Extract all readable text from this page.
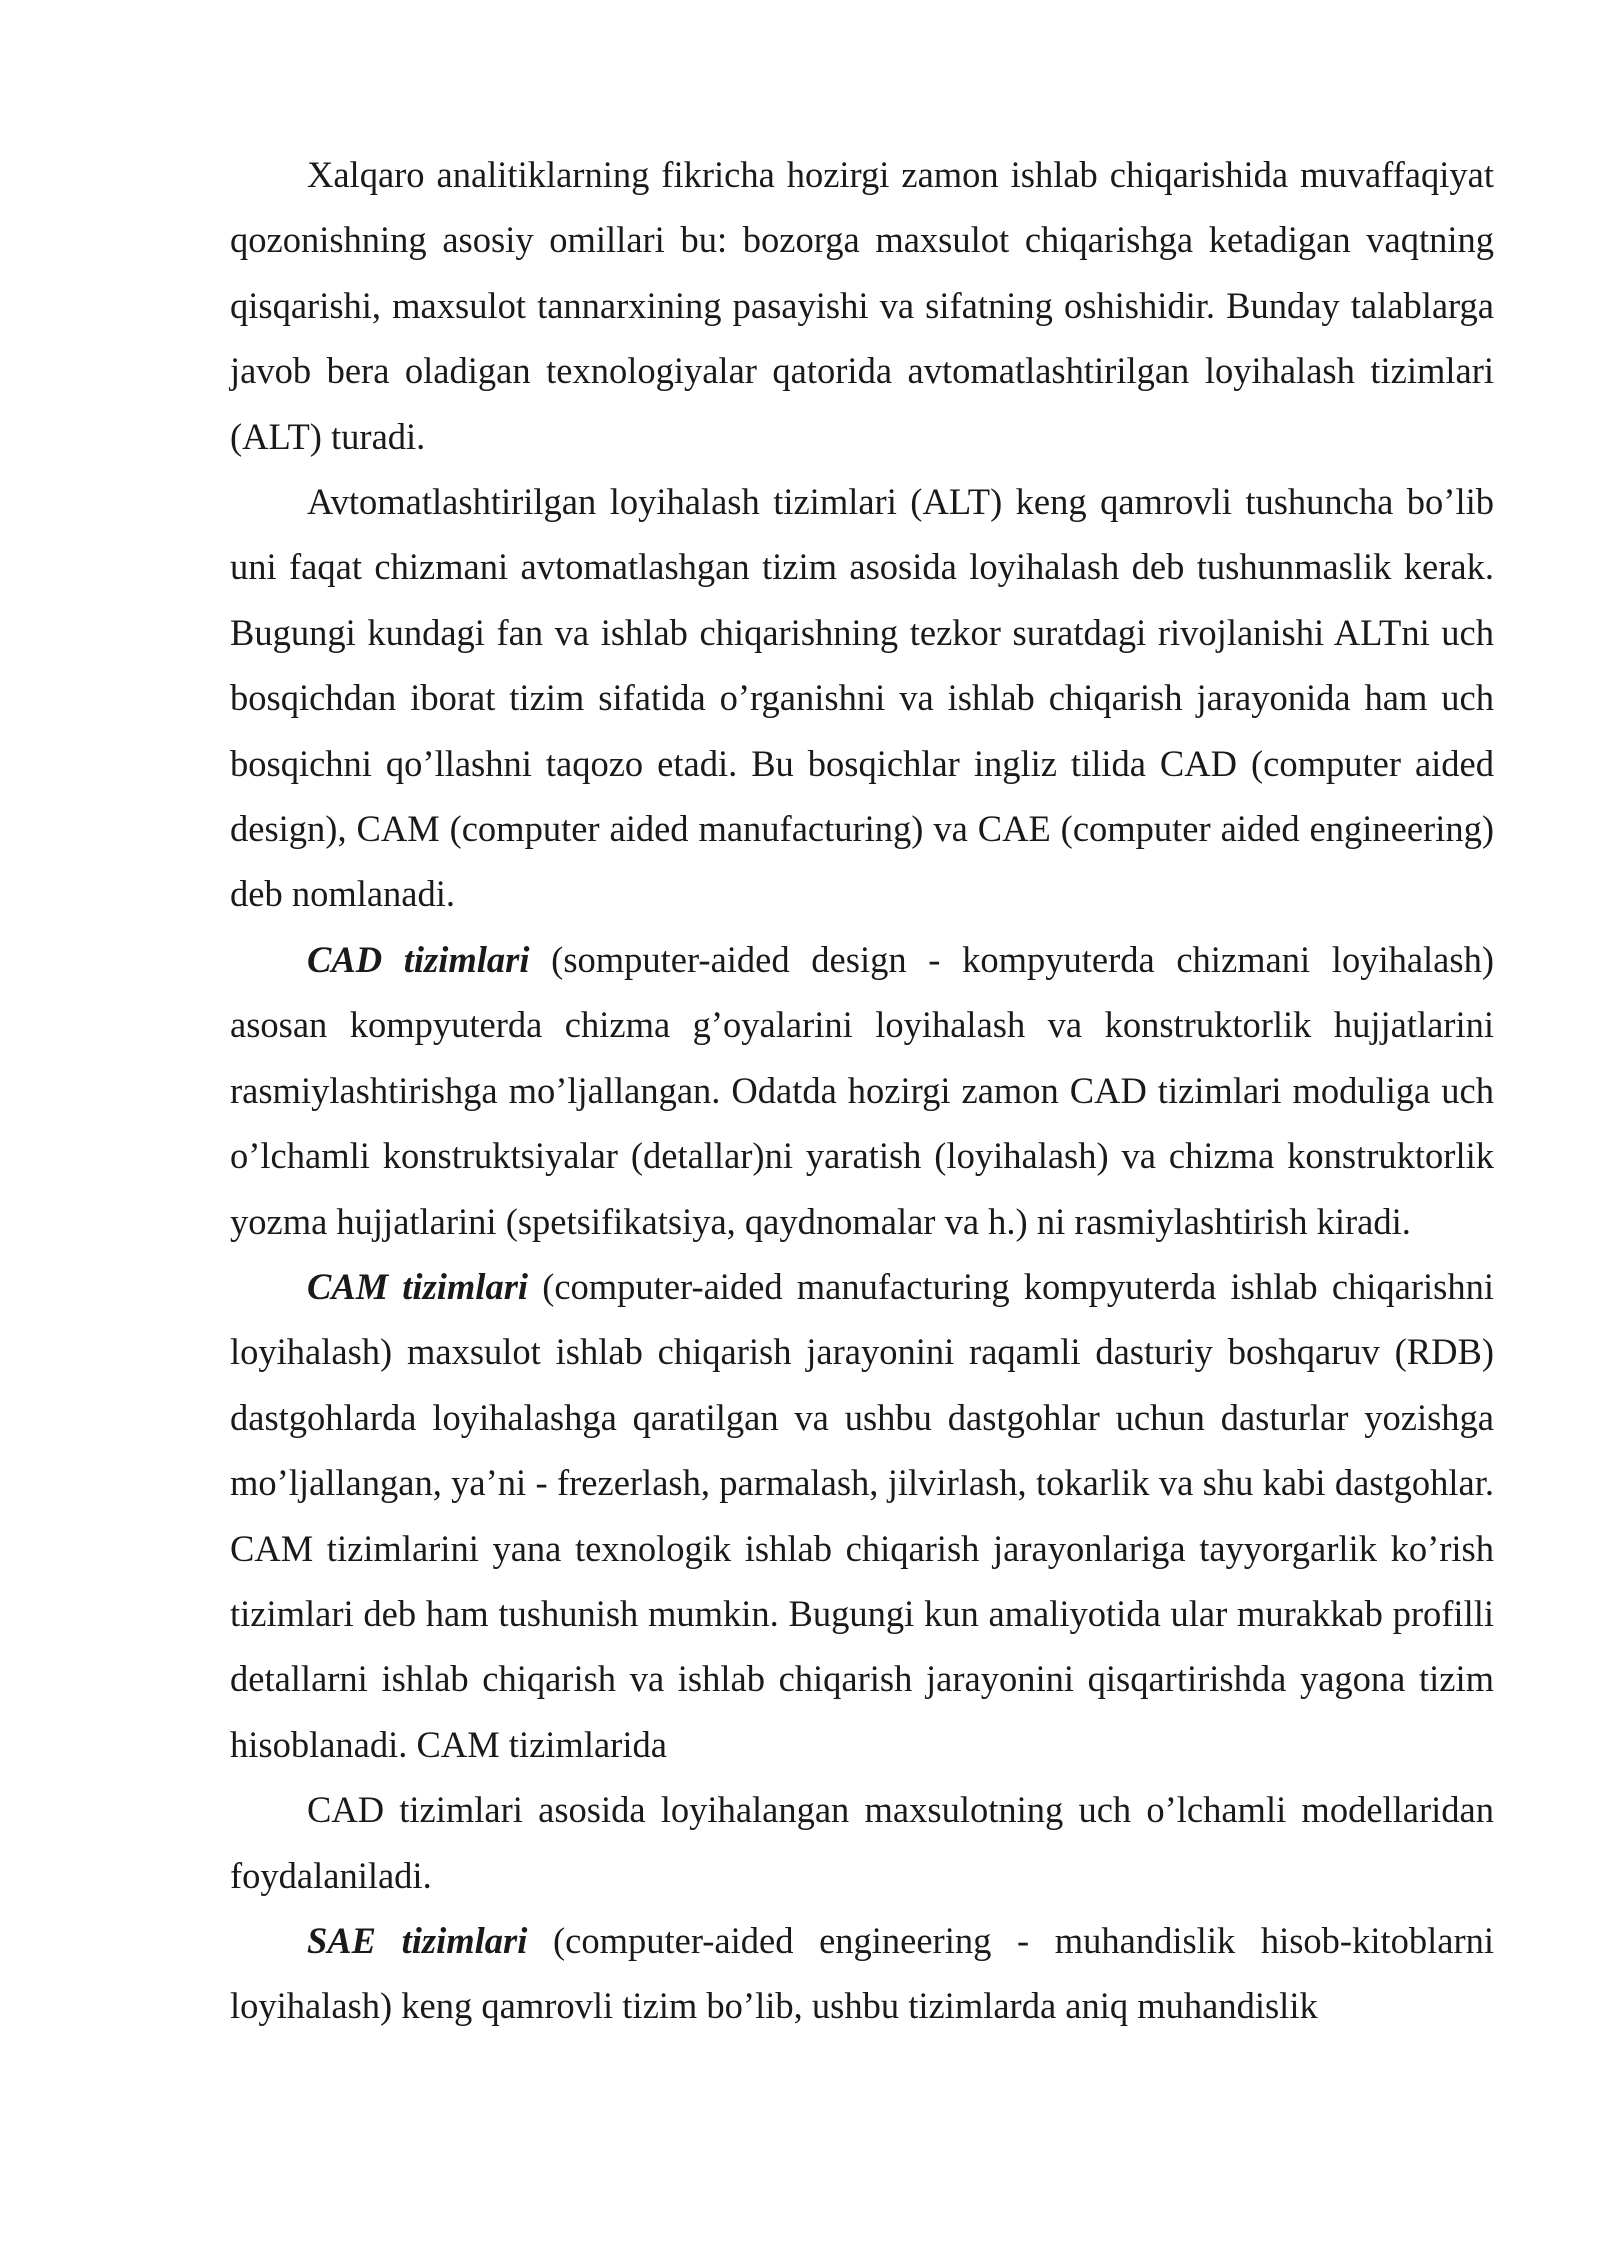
Xalqaro analitiklarning fikricha hozirgi zamon ishlab chiqarishida muvaffaqiyat qozonishning asosiy omillari bu: bozorga maxsulot chiqarishga ketadigan vaqtning qisqarishi, maxsulot tannarxining pasayishi va sifatning oshishidir. Bunday talablarga javob bera oladigan texnologiyalar qatorida avtomatlashtirilgan loyihalash tizimlari (ALT) turadi.

Avtomatlashtirilgan loyihalash tizimlari (ALT) keng qamrovli tushuncha bo’lib uni faqat chizmani avtomatlashgan tizim asosida loyihalash deb tushunmaslik kerak. Bugungi kundagi fan va ishlab chiqarishning tezkor suratdagi rivojlanishi ALTni uch bosqichdan iborat tizim sifatida o’rganishni va ishlab chiqarish jarayonida ham uch bosqichni qo’llashni taqozo etadi. Bu bosqichlar ingliz tilida CAD (computer aided design), CAM (computer aided manufacturing) va CAE (computer aided engineering) deb nomlanadi.

CAD tizimlari (somputer-aided design - kompyuterda chizmani loyihalash) asosan kompyuterda chizma g’oyalarini loyihalash va konstruktorlik hujjatlarini rasmiylashtirishga mo’ljallangan. Odatda hozirgi zamon CAD tizimlari moduliga uch o’lchamli konstruktsiyalar (detallar)ni yaratish (loyihalash) va chizma konstruktorlik yozma hujjatlarini (spetsifikatsiya, qaydnomalar va h.) ni rasmiylashtirish kiradi.

CAM tizimlari (computer-aided manufacturing kompyuterda ishlab chiqarishni loyihalash) maxsulot ishlab chiqarish jarayonini raqamli dasturiy boshqaruv (RDB) dastgohlarda loyihalashga qaratilgan va ushbu dastgohlar uchun dasturlar yozishga mo’ljallangan, ya’ni - frezerlash, parmalash, jilvirlash, tokarlik va shu kabi dastgohlar. CAM tizimlarini yana texnologik ishlab chiqarish jarayonlariga tayyorgarlik ko’rish tizimlari deb ham tushunish mumkin. Bugungi kun amaliyotida ular murakkab profilli detallarni ishlab chiqarish va ishlab chiqarish jarayonini qisqartirishda yagona tizim hisoblanadi. CAM tizimlarida

CAD tizimlari asosida loyihalangan maxsulotning uch o’lchamli modellaridan foydalaniladi.

SAE tizimlari (computer-aided engineering - muhandislik hisob-kitoblarni loyihalash) keng qamrovli tizim bo’lib, ushbu tizimlarda aniq muhandislik
